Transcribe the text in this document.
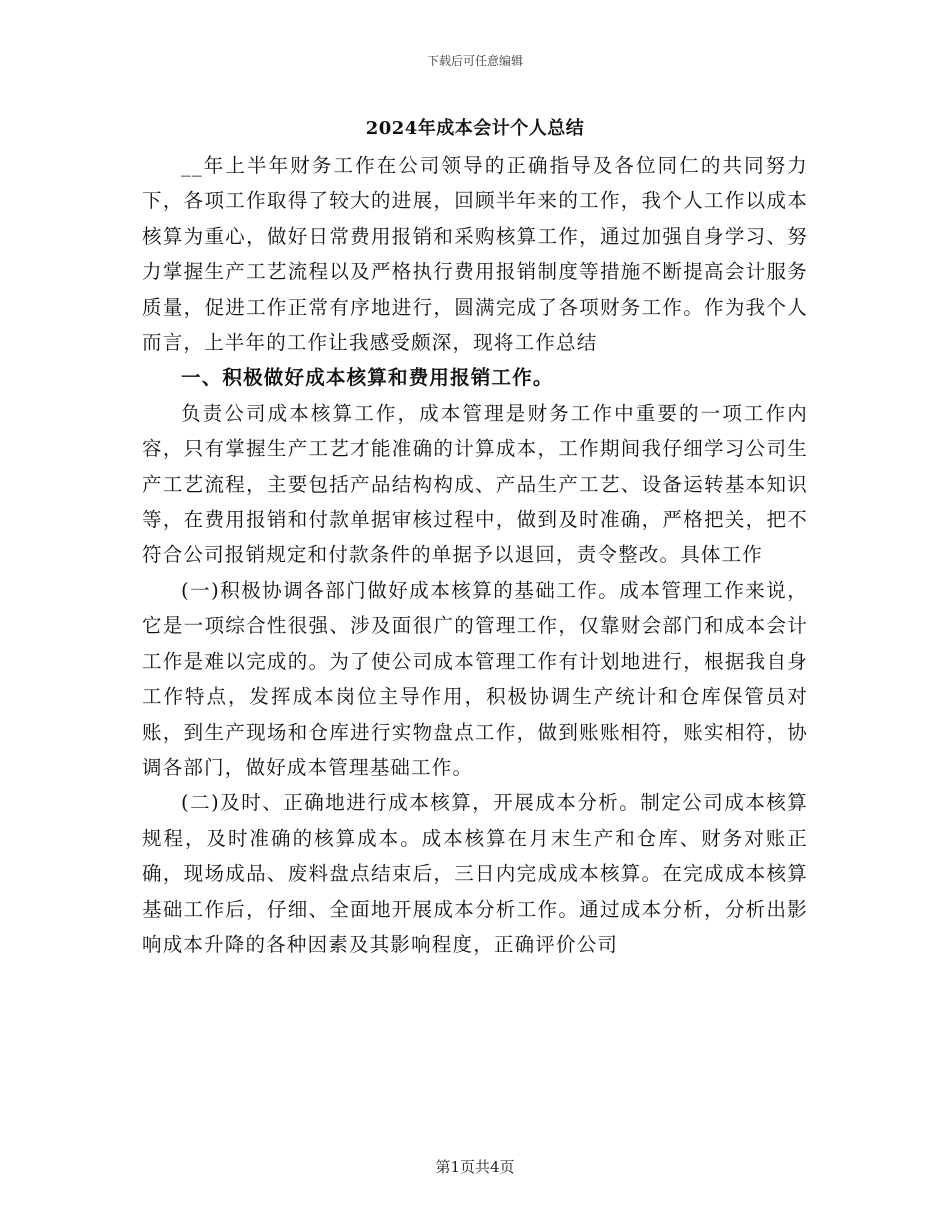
下载后可任意编辑
2024年成本会计个人总结

__年上半年财务工作在公司领导的正确指导及各位同仁的共同努力下，各项工作取得了较大的进展，回顾半年来的工作，我个人工作以成本核算为重心，做好日常费用报销和采购核算工作，通过加强自身学习、努力掌握生产工艺流程以及严格执行费用报销制度等措施不断提高会计服务质量，促进工作正常有序地进行，圆满完成了各项财务工作。作为我个人而言，上半年的工作让我感受颇深，现将工作总结

一、积极做好成本核算和费用报销工作。

负责公司成本核算工作，成本管理是财务工作中重要的一项工作内容，只有掌握生产工艺才能准确的计算成本，工作期间我仔细学习公司生产工艺流程，主要包括产品结构构成、产品生产工艺、设备运转基本知识等，在费用报销和付款单据审核过程中，做到及时准确，严格把关，把不符合公司报销规定和付款条件的单据予以退回，责令整改。具体工作

(一)积极协调各部门做好成本核算的基础工作。成本管理工作来说，它是一项综合性很强、涉及面很广的管理工作，仅靠财会部门和成本会计工作是难以完成的。为了使公司成本管理工作有计划地进行，根据我自身工作特点，发挥成本岗位主导作用，积极协调生产统计和仓库保管员对账，到生产现场和仓库进行实物盘点工作，做到账账相符，账实相符，协调各部门，做好成本管理基础工作。

(二)及时、正确地进行成本核算，开展成本分析。制定公司成本核算规程，及时准确的核算成本。成本核算在月末生产和仓库、财务对账正确，现场成品、废料盘点结束后，三日内完成成本核算。在完成成本核算基础工作后，仔细、全面地开展成本分析工作。通过成本分析，分析出影响成本升降的各种因素及其影响程度，正确评价公司

第1页共4页
